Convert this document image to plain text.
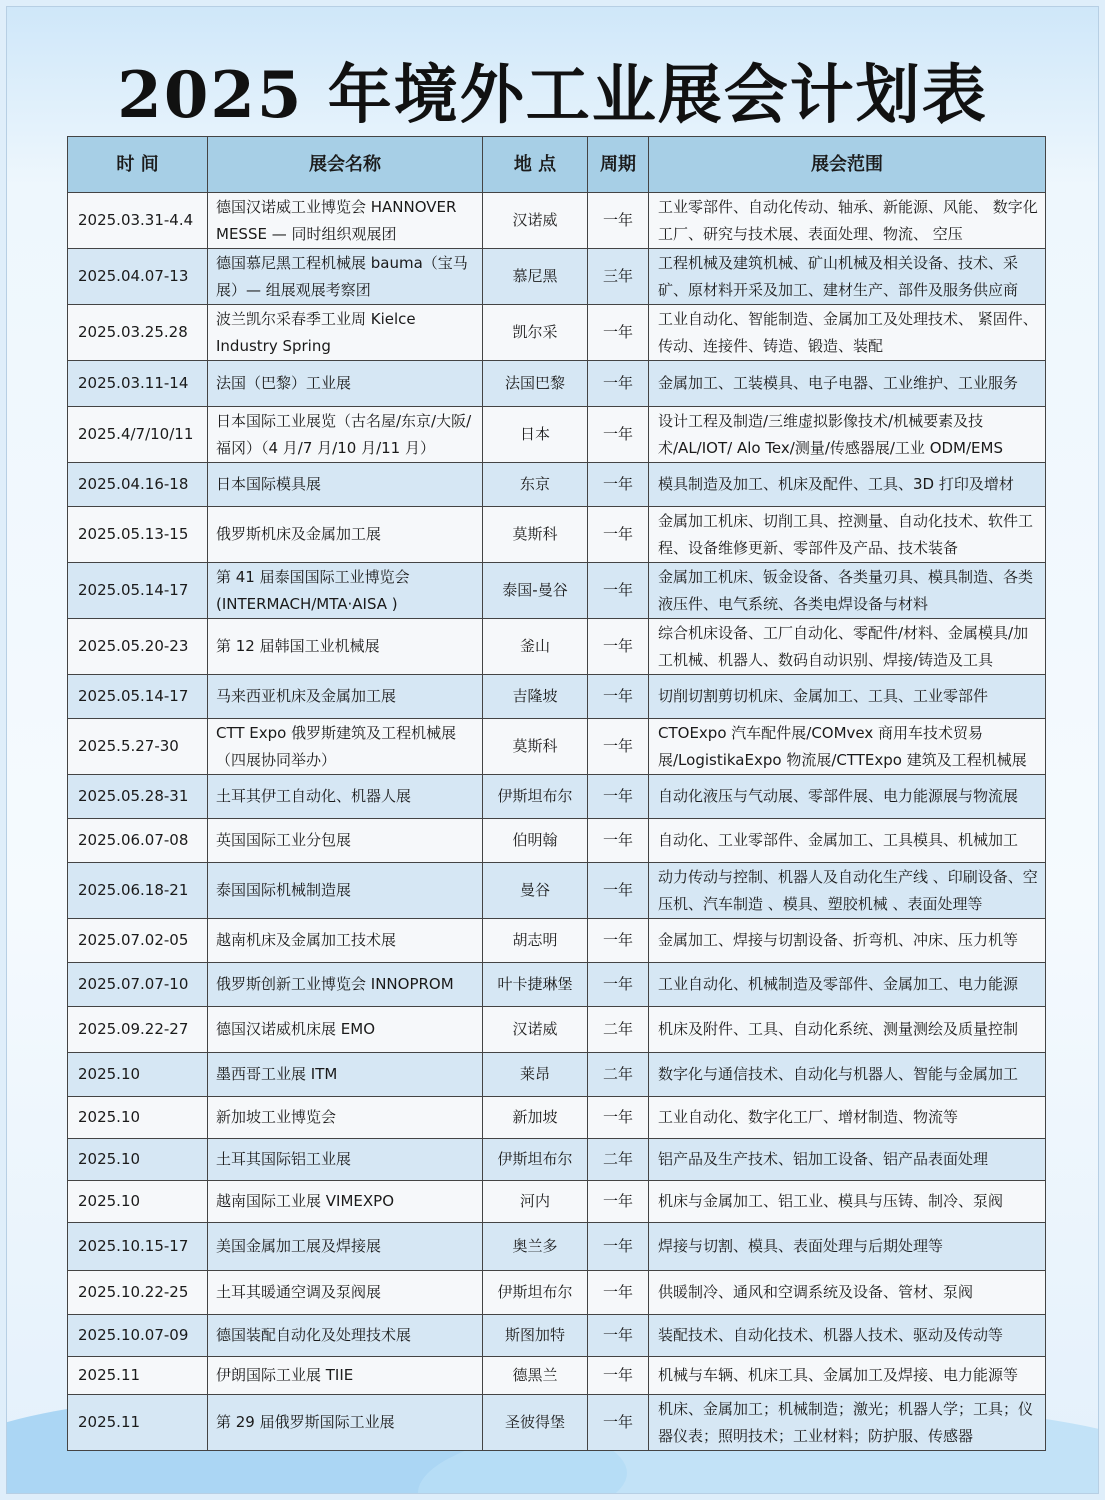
2025 年境外工业展会计划表
时 间	展会名称	地 点	周期	展会范围
2025.03.31-4.4	德国汉诺威工业博览会 HANNOVER MESSE — 同时组织观展团	汉诺威	一年	工业零部件、自动化传动、轴承、新能源、风能、 数字化工厂、研究与技术展、表面处理、物流、 空压
2025.04.07-13	德国慕尼黑工程机械展 bauma（宝马展）— 组展观展考察团	慕尼黑	三年	工程机械及建筑机械、矿山机械及相关设备、技术、采矿、原材料开采及加工、建材生产、部件及服务供应商
2025.03.25.28	波兰凯尔采春季工业周 Kielce Industry Spring	凯尔采	一年	工业自动化、智能制造、金属加工及处理技术、 紧固件、传动、连接件、铸造、锻造、装配
2025.03.11-14	法国（巴黎）工业展	法国巴黎	一年	金属加工、工装模具、电子电器、工业维护、工业服务
2025.4/7/10/11	日本国际工业展览（古名屋/东京/大阪/福冈）（4 月/7 月/10 月/11 月）	日本	一年	设计工程及制造/三维虚拟影像技术/机械要素及技术/AL/IOT/ Alo Tex/测量/传感器展/工业 ODM/EMS
2025.04.16-18	日本国际模具展	东京	一年	模具制造及加工、机床及配件、工具、3D 打印及增材
2025.05.13-15	俄罗斯机床及金属加工展	莫斯科	一年	金属加工机床、切削工具、控测量、自动化技术、软件工程、设备维修更新、零部件及产品、技术装备
2025.05.14-17	第 41 届泰国国际工业博览会(INTERMACH/MTA·AISA )	泰国-曼谷	一年	金属加工机床、钣金设备、各类量刃具、模具制造、各类液压件、电气系统、各类电焊设备与材料
2025.05.20-23	第 12 届韩国工业机械展	釜山	一年	综合机床设备、工厂自动化、零配件/材料、金属模具/加工机械、机器人、数码自动识别、焊接/铸造及工具
2025.05.14-17	马来西亚机床及金属加工展	吉隆坡	一年	切削切割剪切机床、金属加工、工具、工业零部件
2025.5.27-30	CTT Expo 俄罗斯建筑及工程机械展（四展协同举办）	莫斯科	一年	CTOExpo 汽车配件展/COMvex 商用车技术贸易展/LogistikaExpo 物流展/CTTExpo 建筑及工程机械展
2025.05.28-31	土耳其伊工自动化、机器人展	伊斯坦布尔	一年	自动化液压与气动展、零部件展、电力能源展与物流展
2025.06.07-08	英国国际工业分包展	伯明翰	一年	自动化、工业零部件、金属加工、工具模具、机械加工
2025.06.18-21	泰国国际机械制造展	曼谷	一年	动力传动与控制、机器人及自动化生产线 、印刷设备、空压机、汽车制造 、模具、塑胶机械 、表面处理等
2025.07.02-05	越南机床及金属加工技术展	胡志明	一年	金属加工、焊接与切割设备、折弯机、冲床、压力机等
2025.07.07-10	俄罗斯创新工业博览会 INNOPROM	叶卡捷琳堡	一年	工业自动化、机械制造及零部件、金属加工、电力能源
2025.09.22-27	德国汉诺威机床展 EMO	汉诺威	二年	机床及附件、工具、自动化系统、测量测绘及质量控制
2025.10	墨西哥工业展 ITM	莱昂	二年	数字化与通信技术、自动化与机器人、智能与金属加工
2025.10	新加坡工业博览会	新加坡	一年	工业自动化、数字化工厂、增材制造、物流等
2025.10	土耳其国际铝工业展	伊斯坦布尔	二年	铝产品及生产技术、铝加工设备、铝产品表面处理
2025.10	越南国际工业展 VIMEXPO	河内	一年	机床与金属加工、铝工业、模具与压铸、制冷、泵阀
2025.10.15-17	美国金属加工展及焊接展	奥兰多	一年	焊接与切割、模具、表面处理与后期处理等
2025.10.22-25	土耳其暖通空调及泵阀展	伊斯坦布尔	一年	供暖制冷、通风和空调系统及设备、管材、泵阀
2025.10.07-09	德国装配自动化及处理技术展	斯图加特	一年	装配技术、自动化技术、机器人技术、驱动及传动等
2025.11	伊朗国际工业展 TIIE	德黑兰	一年	机械与车辆、机床工具、金属加工及焊接、电力能源等
2025.11	第 29 届俄罗斯国际工业展	圣彼得堡	一年	机床、金属加工；机械制造；激光；机器人学；工具；仪器仪表；照明技术；工业材料；防护服、传感器
